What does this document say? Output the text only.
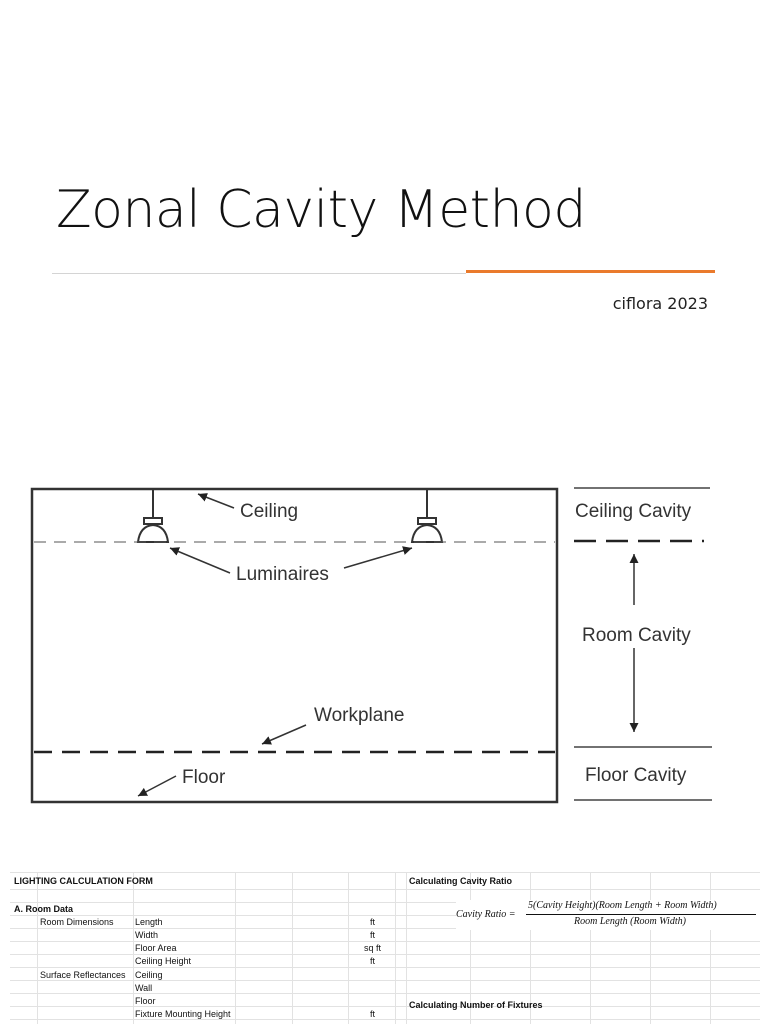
Zonal Cavity Method
ciflora 2023
Ceiling
Luminaires
Workplane
Floor
Ceiling Cavity
Room Cavity
Floor Cavity
LIGHTING CALCULATION FORM
A. Room Data
Room Dimensions
Surface Reflectances
Length
Width
Floor Area
Ceiling Height
Ceiling
Wall
Floor
Fixture Mounting Height
ft
ft
sq ft
ft
ft
Calculating Cavity Ratio
Cavity Ratio =
5(Cavity Height)(Room Length + Room Width)
Room Length (Room Width)
Calculating Number of Fixtures
